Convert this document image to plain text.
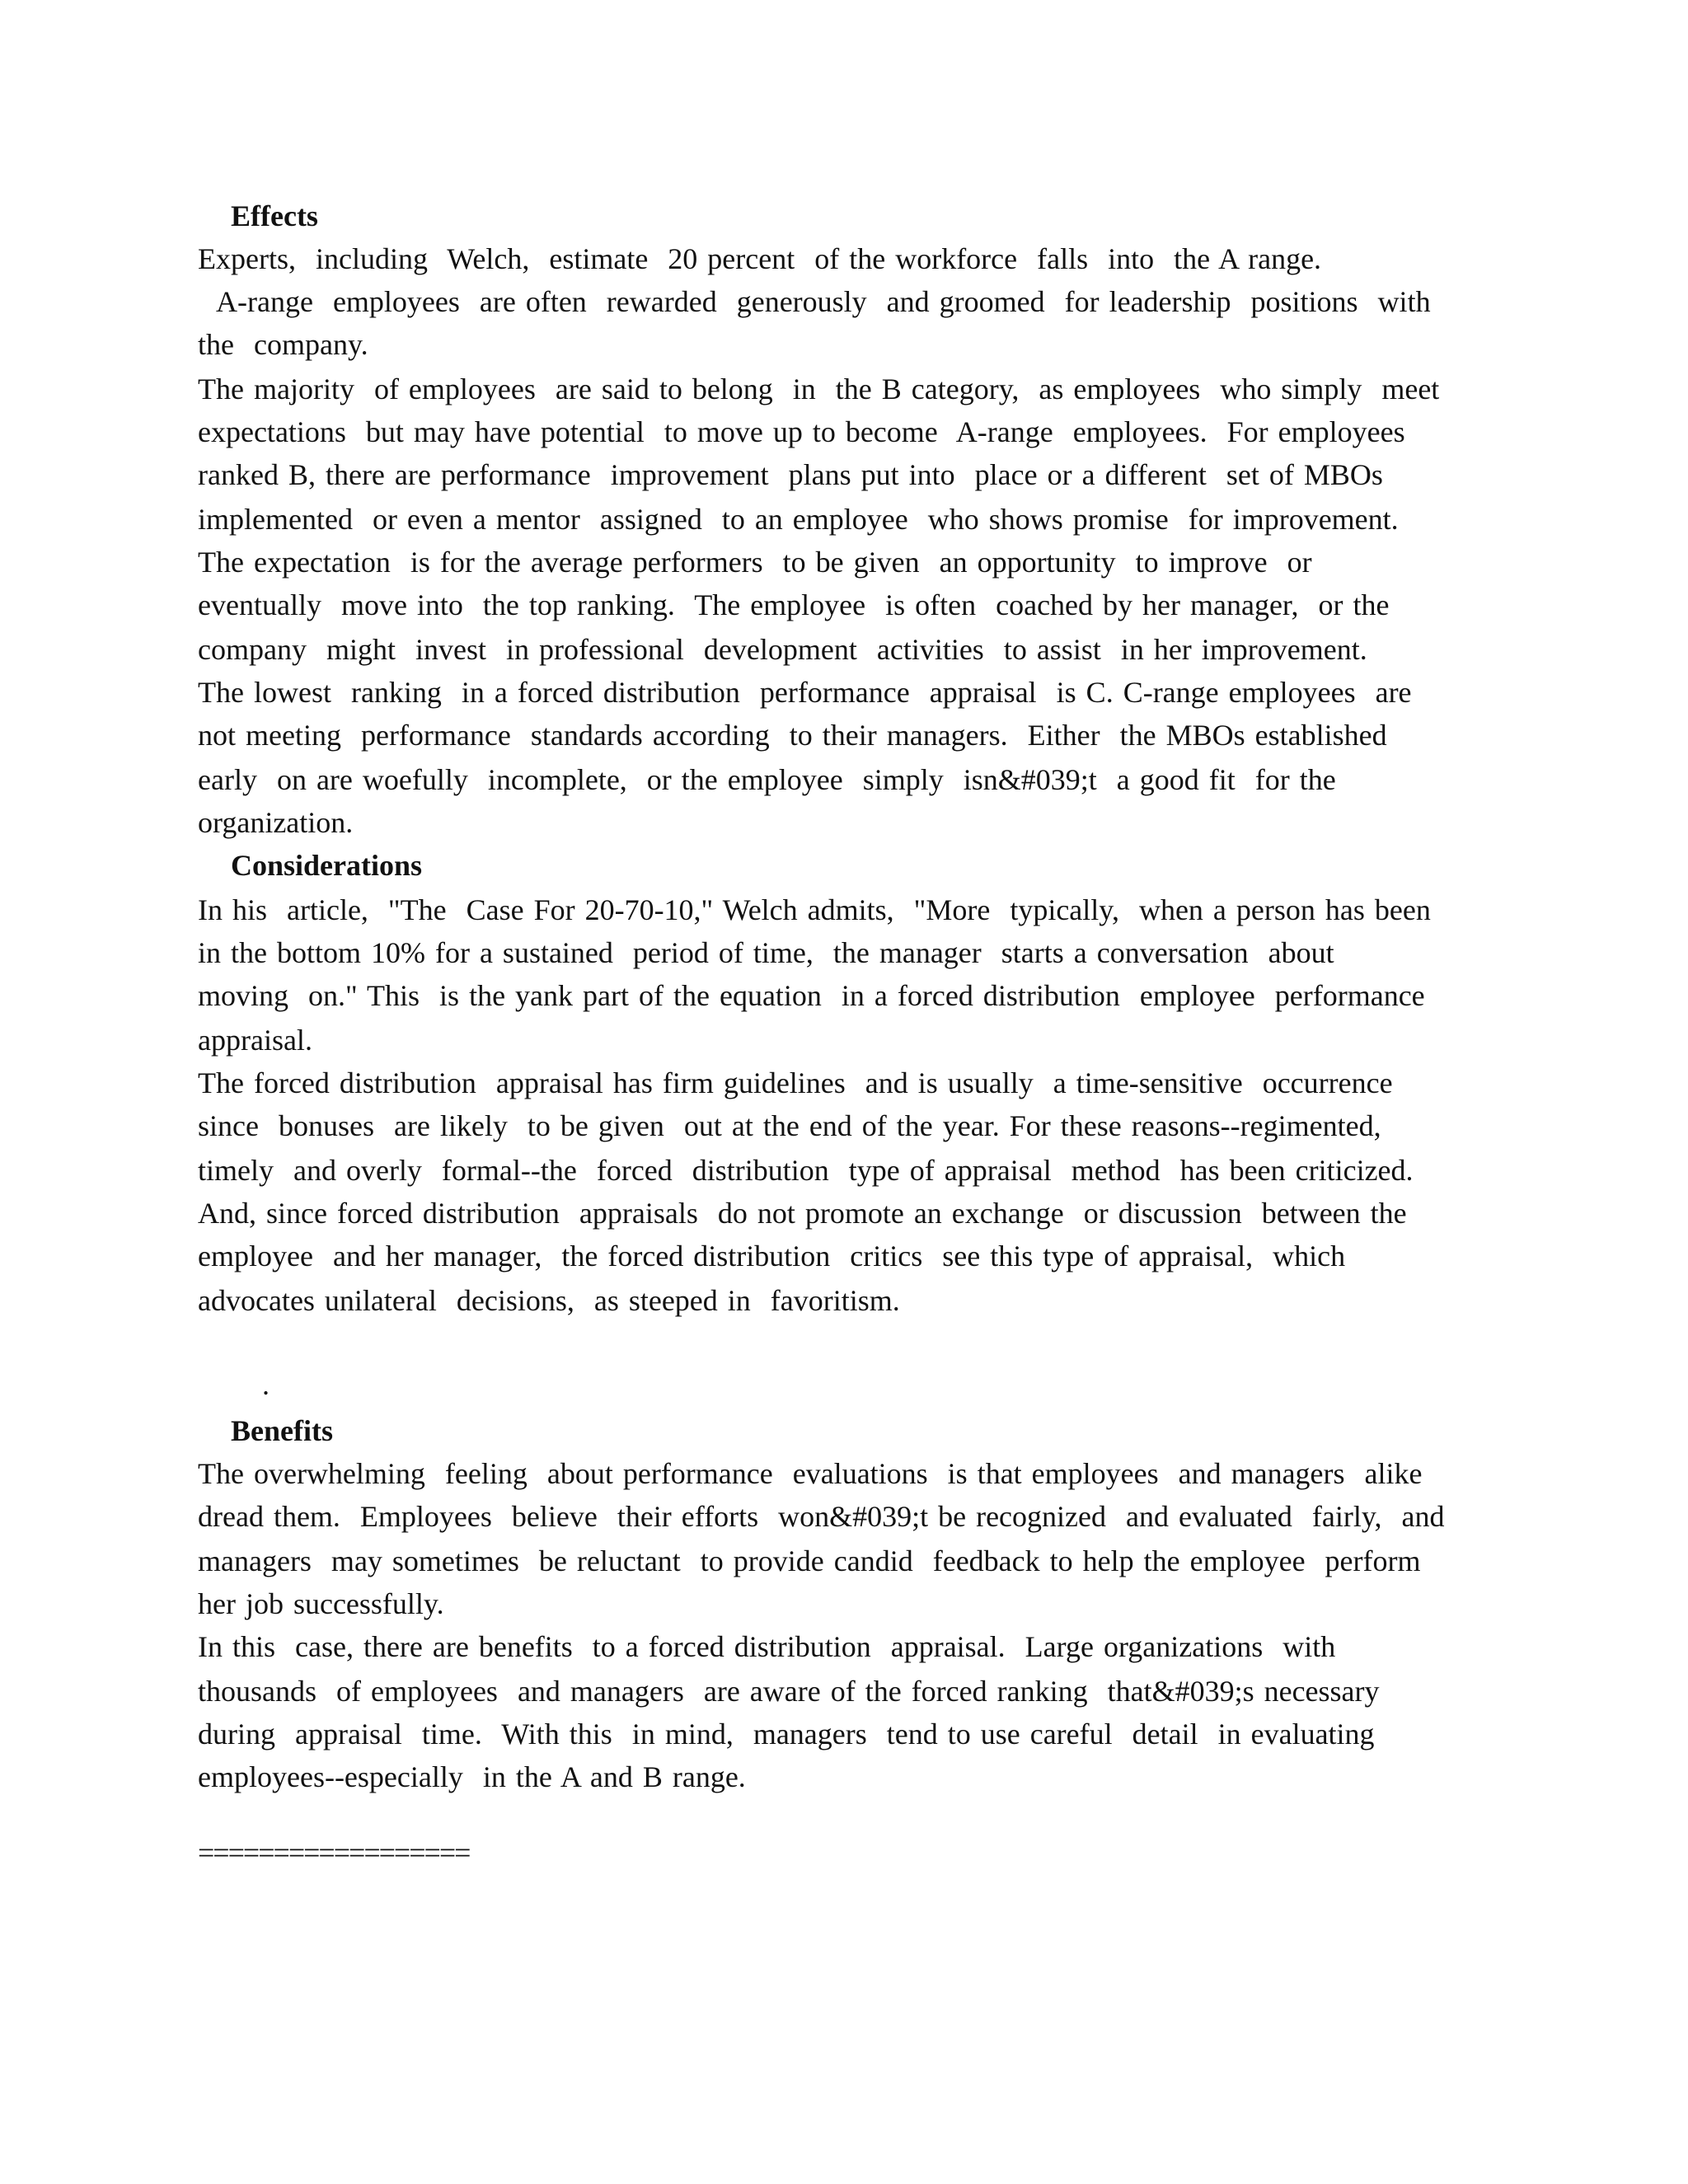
Effects
Experts,  including  Welch,  estimate  20 percent  of the workforce  falls  into  the A range.
A-range  employees  are often  rewarded  generously  and groomed  for leadership  positions  with
the  company.
The majority  of employees  are said to belong  in  the B category,  as employees  who simply  meet
expectations  but may have potential  to move up to become  A-range  employees.  For employees
ranked B, there are performance  improvement  plans put into  place or a different  set of MBOs
implemented  or even a mentor  assigned  to an employee  who shows promise  for improvement.
The expectation  is for the average performers  to be given  an opportunity  to improve  or
eventually  move into  the top ranking.  The employee  is often  coached by her manager,  or the
company  might  invest  in professional  development  activities  to assist  in her improvement.
The lowest  ranking  in a forced distribution  performance  appraisal  is C. C-range employees  are
not meeting  performance  standards according  to their managers.  Either  the MBOs established
early  on are woefully  incomplete,  or the employee  simply  isn&#039;t  a good fit  for the
organization.
Considerations
In his  article,  "The  Case For 20-70-10," Welch admits,  "More  typically,  when a person has been
in the bottom 10% for a sustained  period of time,  the manager  starts a conversation  about
moving  on." This  is the yank part of the equation  in a forced distribution  employee  performance
appraisal.
The forced distribution  appraisal has firm guidelines  and is usually  a time-sensitive  occurrence
since  bonuses  are likely  to be given  out at the end of the year. For these reasons--regimented,
timely  and overly  formal--the  forced  distribution  type of appraisal  method  has been criticized.
And, since forced distribution  appraisals  do not promote an exchange  or discussion  between the
employee  and her manager,  the forced distribution  critics  see this type of appraisal,  which
advocates unilateral  decisions,  as steeped in  favoritism.
.
Benefits
The overwhelming  feeling  about performance  evaluations  is that employees  and managers  alike
dread them.  Employees  believe  their efforts  won&#039;t be recognized  and evaluated  fairly,  and
managers  may sometimes  be reluctant  to provide candid  feedback to help the employee  perform
her job successfully.
In this  case, there are benefits  to a forced distribution  appraisal.  Large organizations  with
thousands  of employees  and managers  are aware of the forced ranking  that&#039;s necessary
during  appraisal  time.  With this  in mind,  managers  tend to use careful  detail  in evaluating
employees--especially  in the A and B range.
==================
